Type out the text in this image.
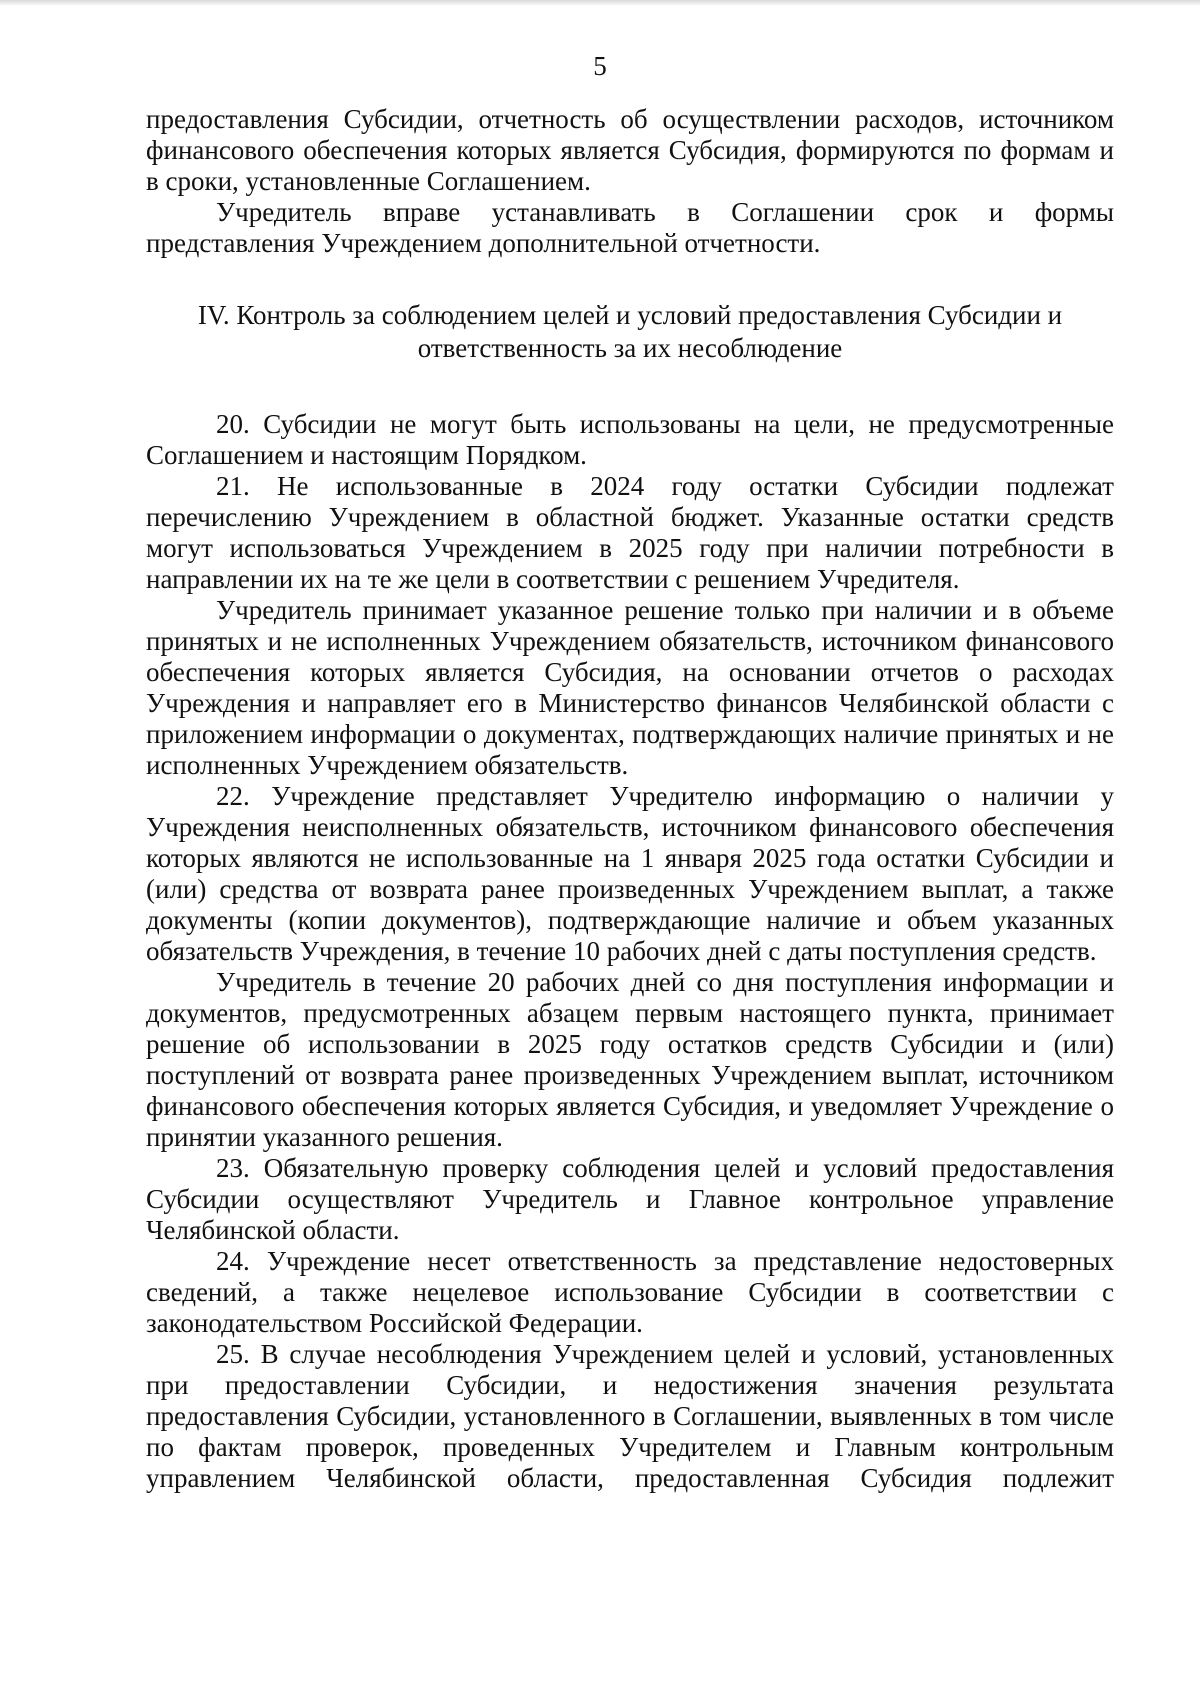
5

предоставления Субсидии, отчетность об осуществлении расходов, источником финансового обеспечения которых является Субсидия, формируются по формам и в сроки, установленные Соглашением.

Учредитель вправе устанавливать в Соглашении срок и формы представления Учреждением дополнительной отчетности.

IV. Контроль за соблюдением целей и условий предоставления Субсидии и
ответственность за их несоблюдение

20. Субсидии не могут быть использованы на цели, не предусмотренные Соглашением и настоящим Порядком.

21. Не использованные в 2024 году остатки Субсидии подлежат перечислению Учреждением в областной бюджет. Указанные остатки средств могут использоваться Учреждением в 2025 году при наличии потребности в направлении их на те же цели в соответствии с решением Учредителя.

Учредитель принимает указанное решение только при наличии и в объеме принятых и не исполненных Учреждением обязательств, источником финансового обеспечения которых является Субсидия, на основании отчетов о расходах Учреждения и направляет его в Министерство финансов Челябинской области с приложением информации о документах, подтверждающих наличие принятых и не исполненных Учреждением обязательств.

22. Учреждение представляет Учредителю информацию о наличии у Учреждения неисполненных обязательств, источником финансового обеспечения которых являются не использованные на 1 января 2025 года остатки Субсидии и (или) средства от возврата ранее произведенных Учреждением выплат, а также документы (копии документов), подтверждающие наличие и объем указанных обязательств Учреждения, в течение 10 рабочих дней с даты поступления средств.

Учредитель в течение 20 рабочих дней со дня поступления информации и документов, предусмотренных абзацем первым настоящего пункта, принимает решение об использовании в 2025 году остатков средств Субсидии и (или) поступлений от возврата ранее произведенных Учреждением выплат, источником финансового обеспечения которых является Субсидия, и уведомляет Учреждение о принятии указанного решения.

23. Обязательную проверку соблюдения целей и условий предоставления Субсидии осуществляют Учредитель и Главное контрольное управление Челябинской области.

24. Учреждение несет ответственность за представление недостоверных сведений, а также нецелевое использование Субсидии в соответствии с законодательством Российской Федерации.

25. В случае несоблюдения Учреждением целей и условий, установленных при предоставлении Субсидии, и недостижения значения результата предоставления Субсидии, установленного в Соглашении, выявленных в том числе по фактам проверок, проведенных Учредителем и Главным контрольным управлением Челябинской области, предоставленная Субсидия подлежит
